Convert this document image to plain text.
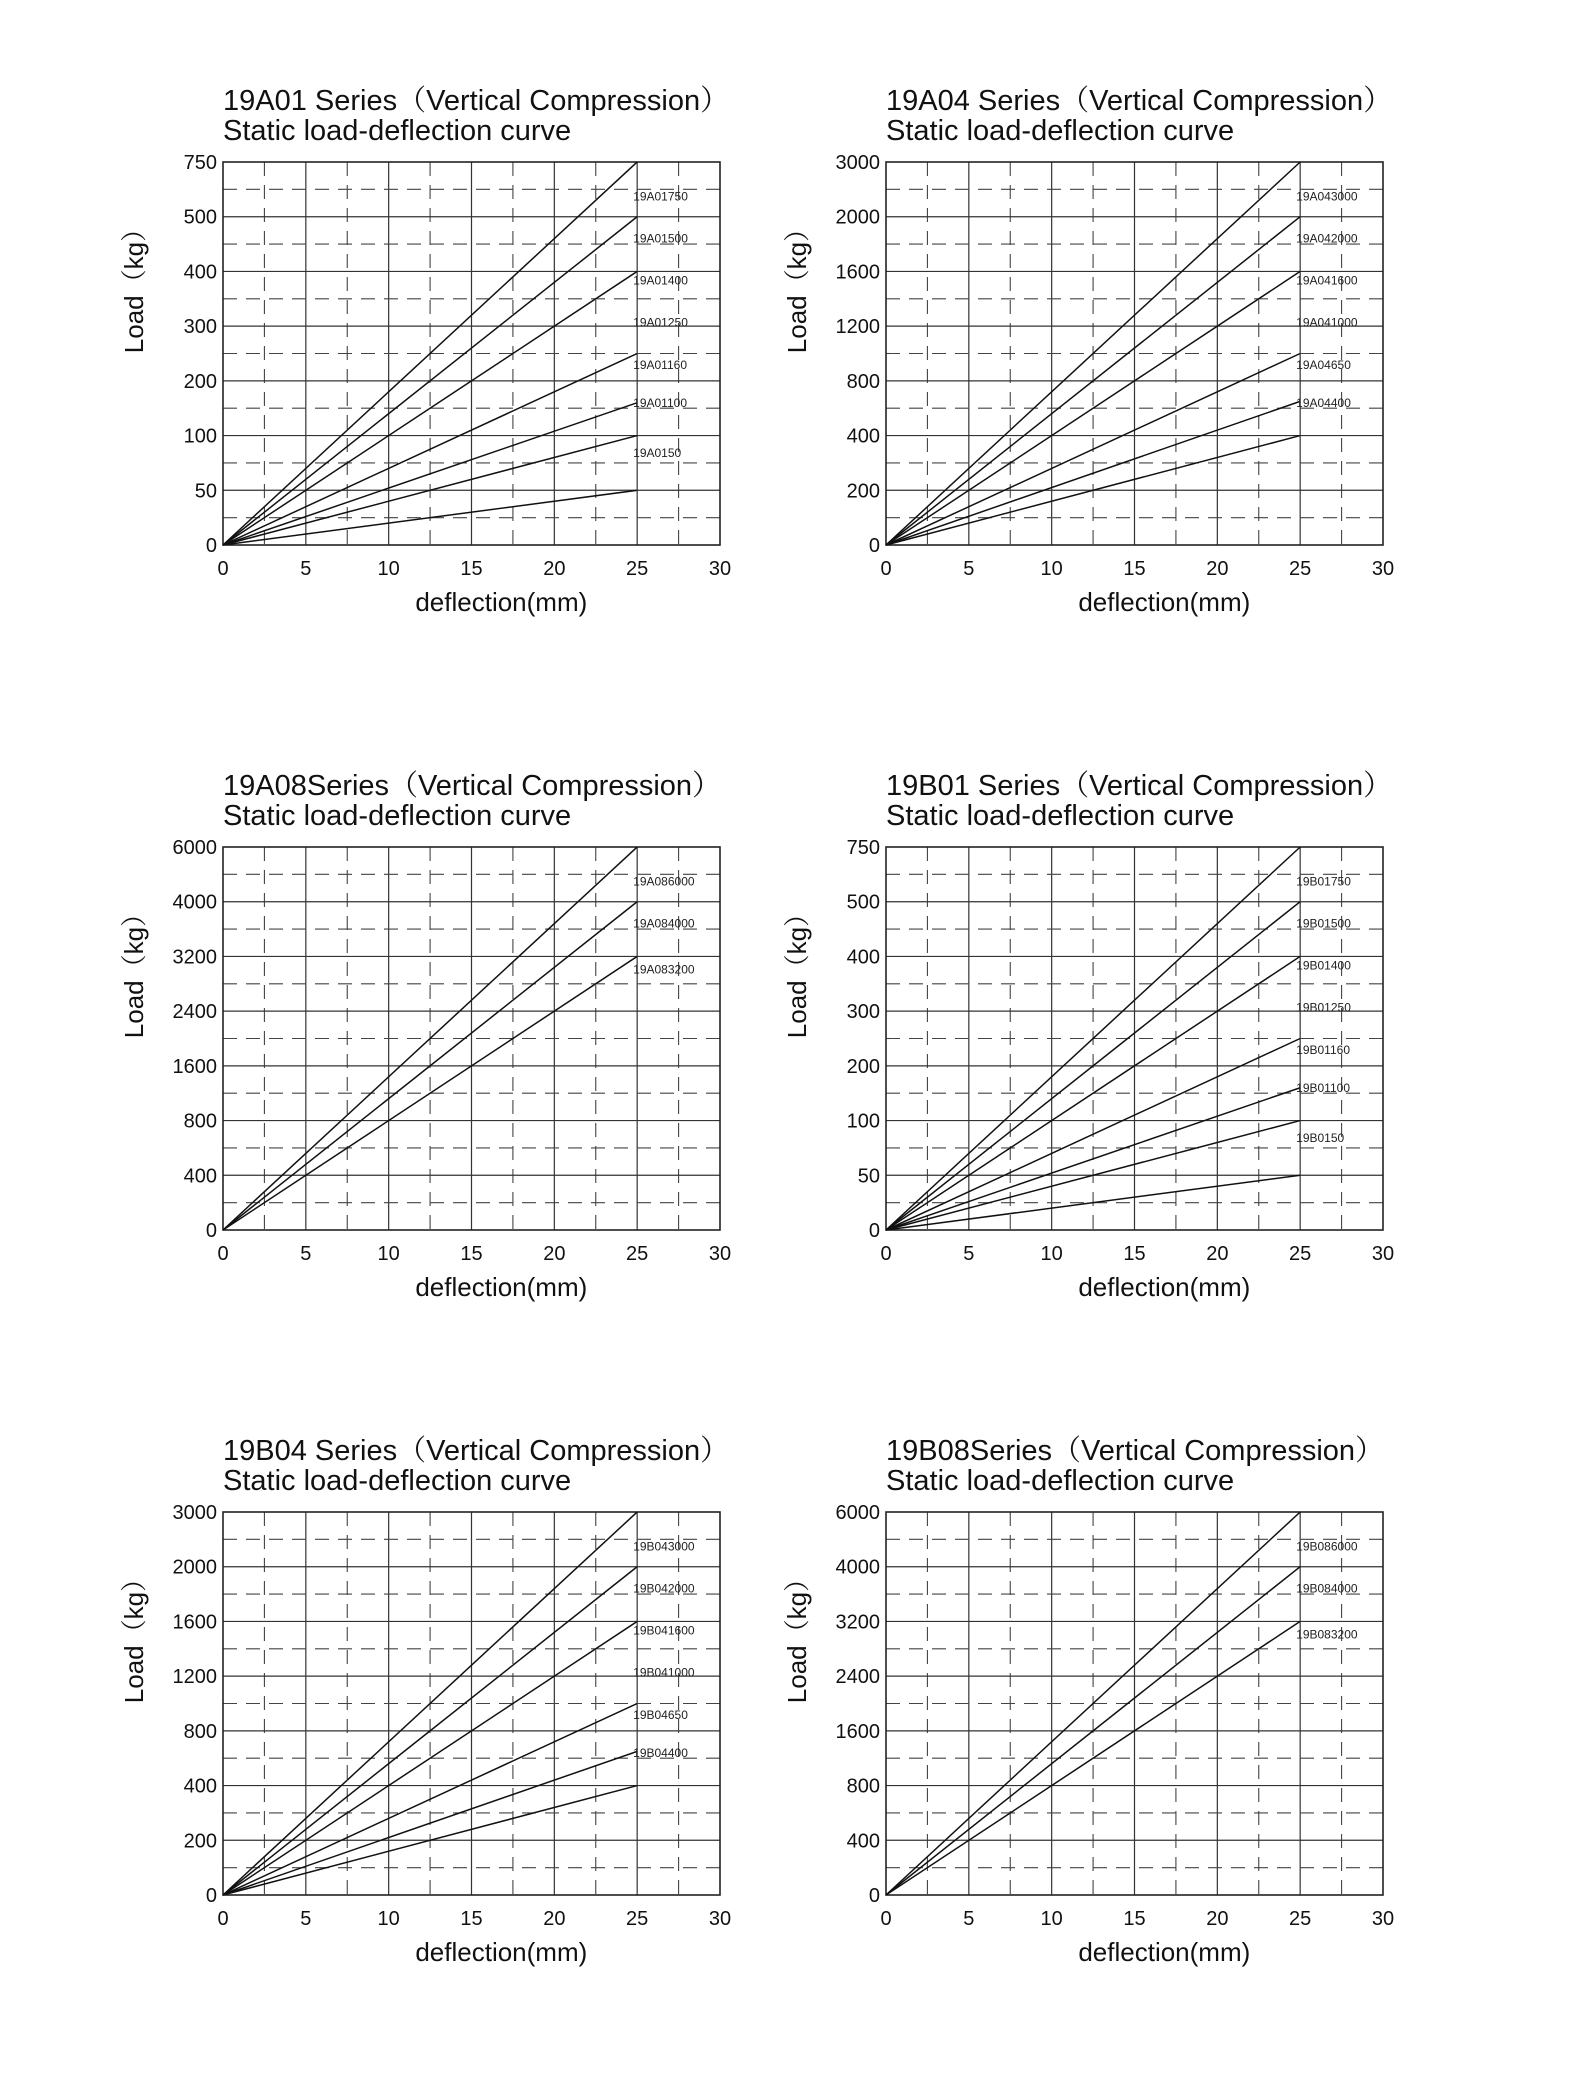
19A01 Series（Vertical Compression）
Static load-deflection curve
0	5	10	15	20	25	30
0
50
100
200
300
400
500
750
deflection(mm)
Load（kg）
19A01750
19A01500
19A01400
19A01250
19A01160
19A01100
19A0150
19A04 Series（Vertical Compression）
Static load-deflection curve
0	5	10	15	20	25	30
0
200
400
800
1200
1600
2000
3000
deflection(mm)
Load（kg）
19A043000
19A042000
19A041600
19A041000
19A04650
19A04400
19A08Series（Vertical Compression）
Static load-deflection curve
0	5	10	15	20	25	30
0
400
800
1600
2400
3200
4000
6000
deflection(mm)
Load（kg）
19A086000
19A084000
19A083200
19B01 Series（Vertical Compression）
Static load-deflection curve
0	5	10	15	20	25	30
0
50
100
200
300
400
500
750
deflection(mm)
Load（kg）
19B01750
19B01500
19B01400
19B01250
19B01160
19B01100
19B0150
19B04 Series（Vertical Compression）
Static load-deflection curve
0	5	10	15	20	25	30
0
200
400
800
1200
1600
2000
3000
deflection(mm)
Load（kg）
19B043000
19B042000
19B041600
19B041000
19B04650
19B04400
19B08Series（Vertical Compression）
Static load-deflection curve
0	5	10	15	20	25	30
0
400
800
1600
2400
3200
4000
6000
deflection(mm)
Load（kg）
19B086000
19B084000
19B083200
